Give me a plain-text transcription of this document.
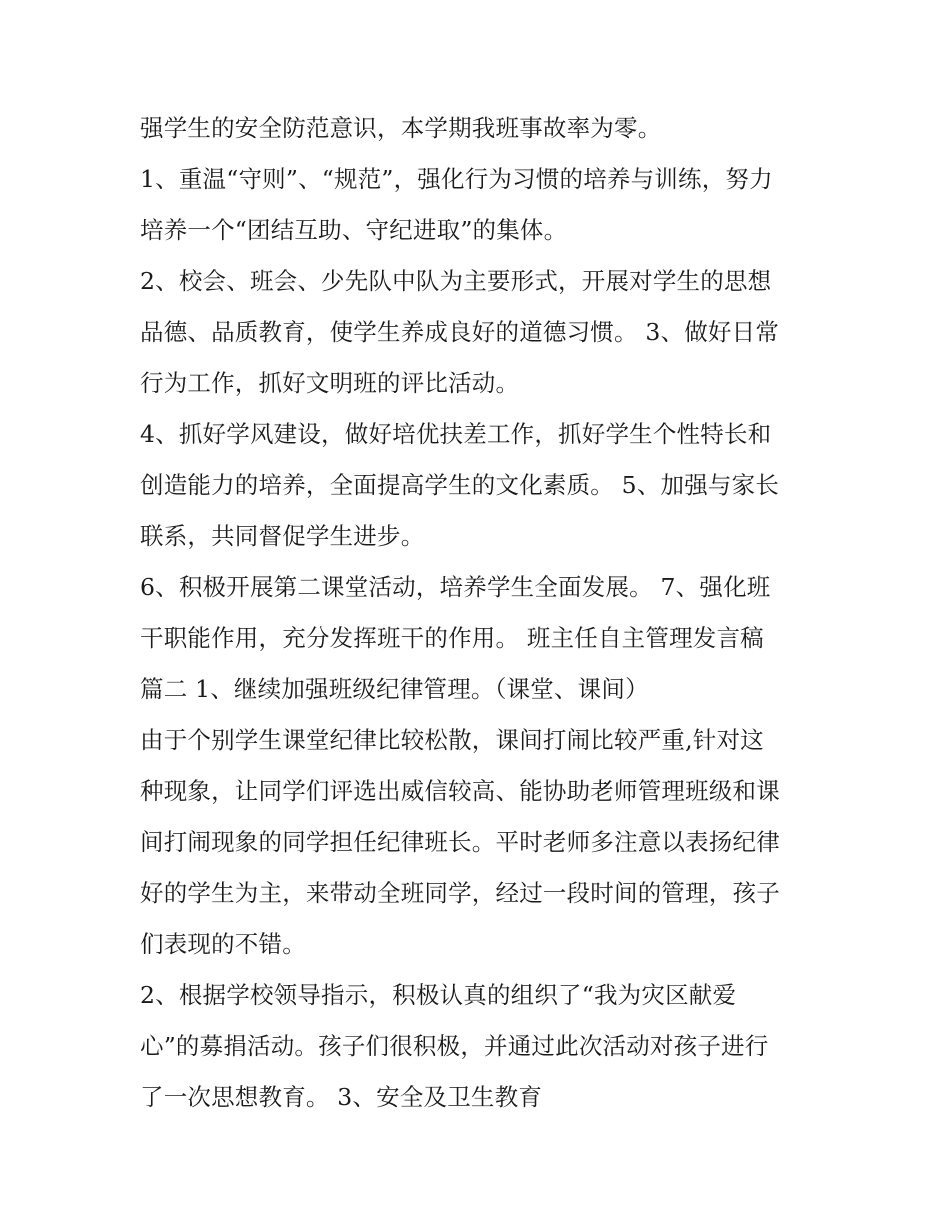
强学生的安全防范意识，本学期我班事故率为零。
1、重温“守则”、“规范”，强化行为习惯的培养与训练，努力
培养一个“团结互助、守纪进取”的集体。
2、校会、班会、少先队中队为主要形式，开展对学生的思想
品德、品质教育，使学生养成良好的道德习惯。 3、做好日常
行为工作，抓好文明班的评比活动。
4、抓好学风建设，做好培优扶差工作，抓好学生个性特长和
创造能力的培养，全面提高学生的文化素质。 5、加强与家长
联系，共同督促学生进步。
6、积极开展第二课堂活动，培养学生全面发展。 7、强化班
干职能作用，充分发挥班干的作用。 班主任自主管理发言稿
篇二 1、继续加强班级纪律管理。（课堂、课间）
由于个别学生课堂纪律比较松散，课间打闹比较严重,针对这
种现象，让同学们评选出威信较高、能协助老师管理班级和课
间打闹现象的同学担任纪律班长。平时老师多注意以表扬纪律
好的学生为主，来带动全班同学，经过一段时间的管理，孩子
们表现的不错。
2、根据学校领导指示，积极认真的组织了“我为灾区献爱
心”的募捐活动。孩子们很积极，并通过此次活动对孩子进行
了一次思想教育。 3、安全及卫生教育
